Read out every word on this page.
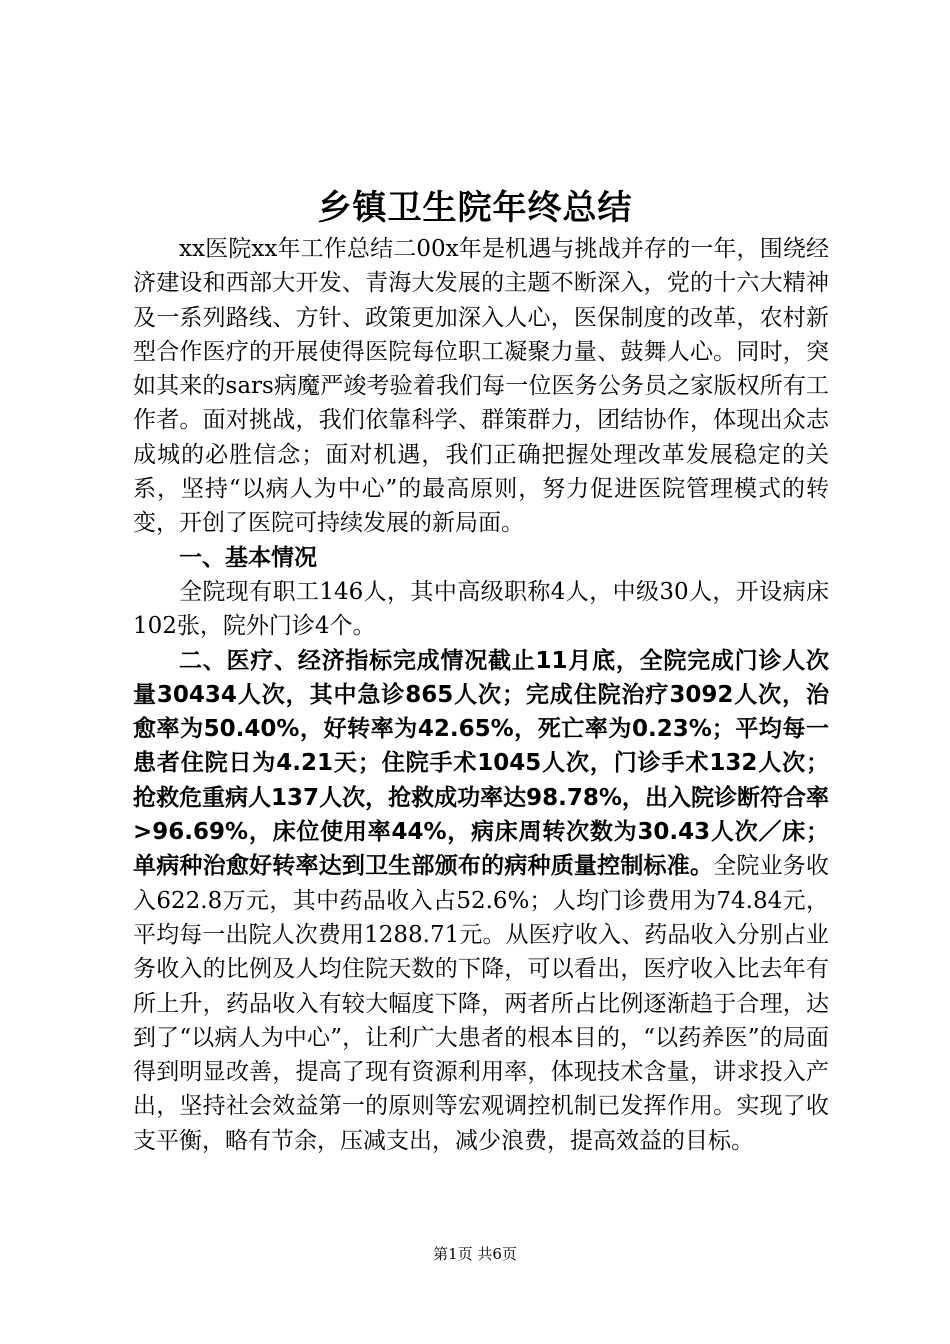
乡镇卫生院年终总结

xx医院xx年工作总结二00x年是机遇与挑战并存的一年，围绕经济建设和西部大开发、青海大发展的主题不断深入，党的十六大精神及一系列路线、方针、政策更加深入人心，医保制度的改革，农村新型合作医疗的开展使得医院每位职工凝聚力量、鼓舞人心。同时，突如其来的sars病魔严竣考验着我们每一位医务公务员之家版权所有工作者。面对挑战，我们依靠科学、群策群力，团结协作，体现出众志成城的必胜信念；面对机遇，我们正确把握处理改革发展稳定的关系，坚持“以病人为中心”的最高原则，努力促进医院管理模式的转变，开创了医院可持续发展的新局面。

一、基本情况

全院现有职工146人，其中高级职称4人，中级30人，开设病床102张，院外门诊4个。

二、医疗、经济指标完成情况截止11月底，全院完成门诊人次量30434人次，其中急诊865人次；完成住院治疗3092人次，治愈率为50.40%，好转率为42.65%，死亡率为0.23%；平均每一患者住院日为4.21天；住院手术1045人次，门诊手术132人次；抢救危重病人137人次，抢救成功率达98.78%，出入院诊断符合率>96.69%，床位使用率44%，病床周转次数为30.43人次／床；单病种治愈好转率达到卫生部颁布的病种质量控制标准。全院业务收入622.8万元，其中药品收入占52.6%；人均门诊费用为74.84元，平均每一出院人次费用1288.71元。从医疗收入、药品收入分别占业务收入的比例及人均住院天数的下降，可以看出，医疗收入比去年有所上升，药品收入有较大幅度下降，两者所占比例逐渐趋于合理，达到了“以病人为中心”，让利广大患者的根本目的，“以药养医”的局面得到明显改善，提高了现有资源利用率，体现技术含量，讲求投入产出，坚持社会效益第一的原则等宏观调控机制已发挥作用。实现了收支平衡，略有节余，压减支出，减少浪费，提高效益的目标。

第1页 共6页
